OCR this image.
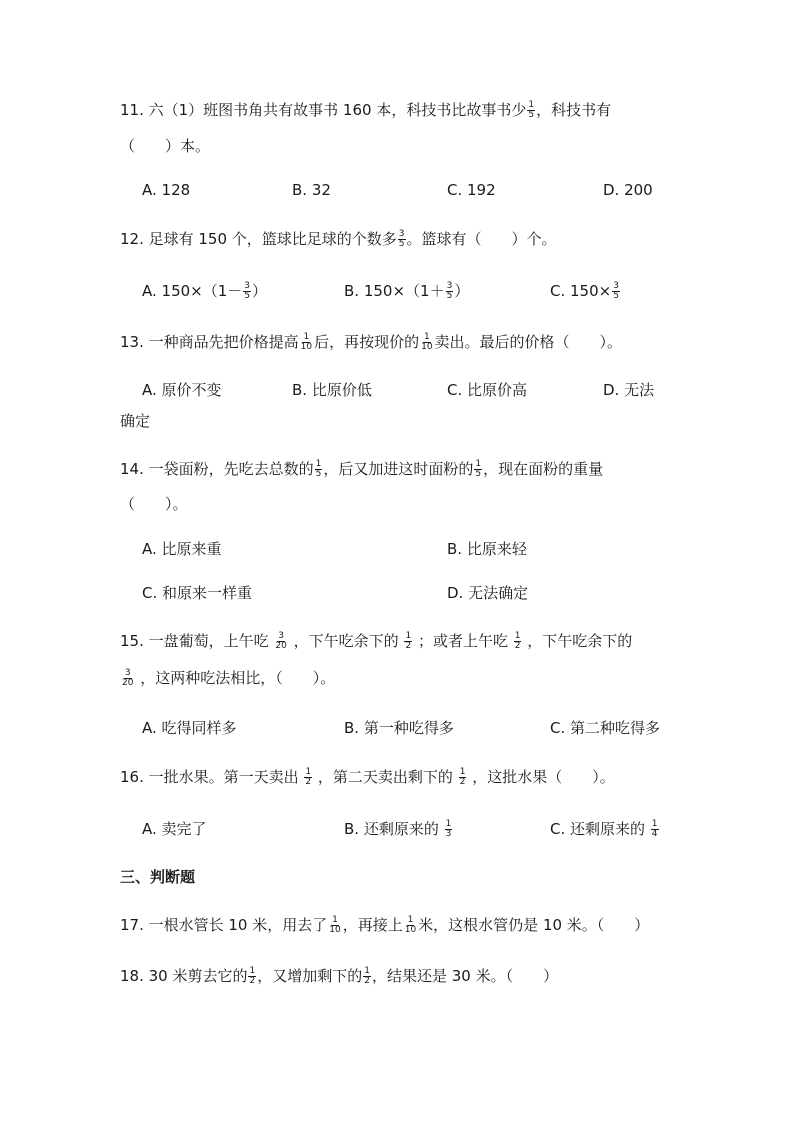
11. 六（1）班图书角共有故事书 160 本，科技书比故事书少 $\frac{1}{5}$ ，科技书有
（　　）本。
A. 128	B. 32	C. 192	D. 200
12. 足球有 150 个，篮球比足球的个数多 $\frac{3}{5}$ 。篮球有（　　）个。
A. $150\times(1- \frac{3}{5}$ ）	B. $150\times(1+ \frac{3}{5}$ ）	C. $150\times \frac{3}{5}$
13. 一种商品先把价格提高 $\frac{1}{10}$ 后，再按现价的 $\frac{1}{10}$ 卖出。最后的价格（　　）。
A. 原价不变	B. 比原价低	C. 比原价高	D. 无法
确定
14. 一袋面粉，先吃去总数的 $\frac{1}{5}$ ，后又加进这时面粉的 $\frac{1}{5}$ ，现在面粉的重量
（　　）。
A. 比原来重	B. 比原来轻
C. 和原来一样重	D. 无法确定
15. 一盘葡萄，上午吃 $\frac{3}{20}$ ，下午吃余下的 $\frac{1}{2}$ ；或者上午吃 $\frac{1}{2}$ ，下午吃余下的
$\frac{3}{20}$ ，这两种吃法相比，（　　）。
A. 吃得同样多	B. 第一种吃得多	C. 第二种吃得多
16. 一批水果。第一天卖出 $\frac{1}{2}$ ，第二天卖出剩下的 $\frac{1}{2}$ ，这批水果（　　）。
A. 卖完了	B. 还剩原来的 $\frac{1}{3}$	C. 还剩原来的 $\frac{1}{4}$
三、判断题
17. 一根水管长 10 米，用去了 $\frac{1}{10}$ ，再接上 $\frac{1}{10}$ 米，这根水管仍是 10 米。（　　）
18. 30 米剪去它的 $\frac{1}{2}$ ，又增加剩下的 $\frac{1}{2}$ ，结果还是 30 米。（　　）
